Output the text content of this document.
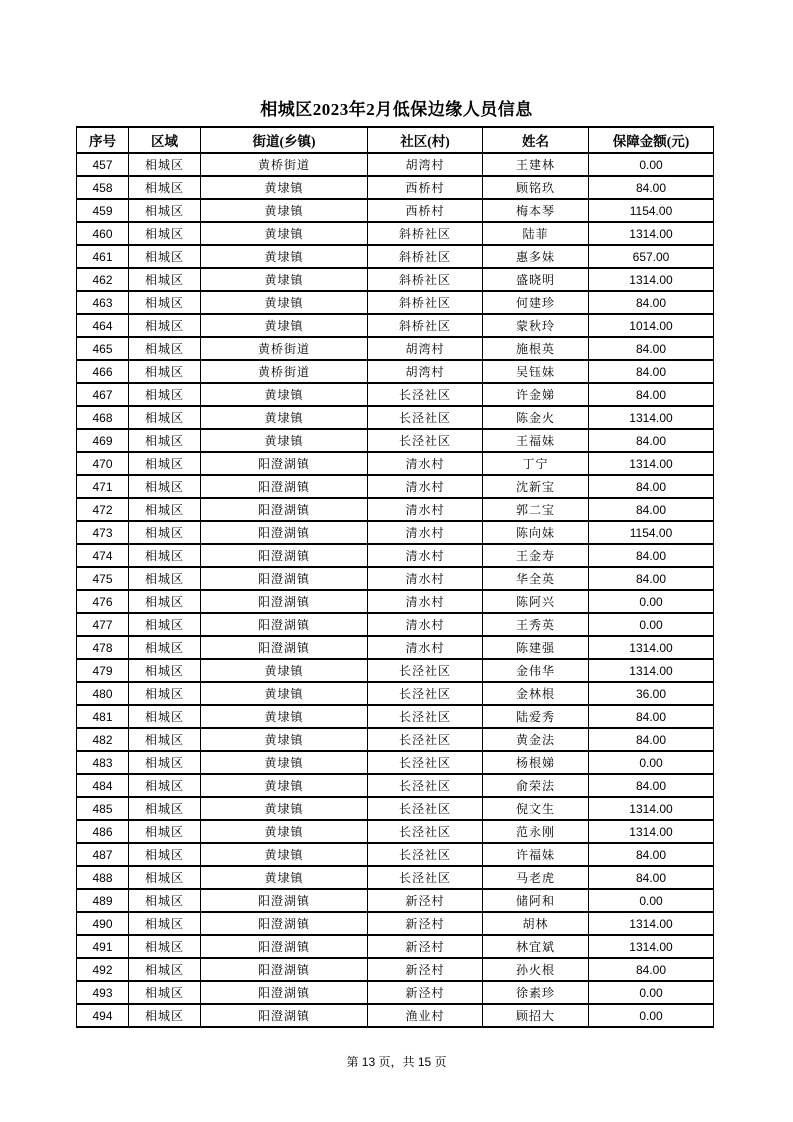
相城区2023年2月低保边缘人员信息
序号	区域	街道(乡镇)	社区(村)	姓名	保障金额(元)
457	相城区	黄桥街道	胡湾村	王建林	0.00
458	相城区	黄埭镇	西桥村	顾铭玖	84.00
459	相城区	黄埭镇	西桥村	梅本琴	1154.00
460	相城区	黄埭镇	斜桥社区	陆菲	1314.00
461	相城区	黄埭镇	斜桥社区	惠多妹	657.00
462	相城区	黄埭镇	斜桥社区	盛晓明	1314.00
463	相城区	黄埭镇	斜桥社区	何建珍	84.00
464	相城区	黄埭镇	斜桥社区	蒙秋玲	1014.00
465	相城区	黄桥街道	胡湾村	施根英	84.00
466	相城区	黄桥街道	胡湾村	吴钰妹	84.00
467	相城区	黄埭镇	长泾社区	许金娣	84.00
468	相城区	黄埭镇	长泾社区	陈金火	1314.00
469	相城区	黄埭镇	长泾社区	王福妹	84.00
470	相城区	阳澄湖镇	清水村	丁宁	1314.00
471	相城区	阳澄湖镇	清水村	沈新宝	84.00
472	相城区	阳澄湖镇	清水村	郭二宝	84.00
473	相城区	阳澄湖镇	清水村	陈向妹	1154.00
474	相城区	阳澄湖镇	清水村	王金寿	84.00
475	相城区	阳澄湖镇	清水村	华全英	84.00
476	相城区	阳澄湖镇	清水村	陈阿兴	0.00
477	相城区	阳澄湖镇	清水村	王秀英	0.00
478	相城区	阳澄湖镇	清水村	陈建强	1314.00
479	相城区	黄埭镇	长泾社区	金伟华	1314.00
480	相城区	黄埭镇	长泾社区	金林根	36.00
481	相城区	黄埭镇	长泾社区	陆爱秀	84.00
482	相城区	黄埭镇	长泾社区	黄金法	84.00
483	相城区	黄埭镇	长泾社区	杨根娣	0.00
484	相城区	黄埭镇	长泾社区	俞荣法	84.00
485	相城区	黄埭镇	长泾社区	倪文生	1314.00
486	相城区	黄埭镇	长泾社区	范永刚	1314.00
487	相城区	黄埭镇	长泾社区	许福妹	84.00
488	相城区	黄埭镇	长泾社区	马老虎	84.00
489	相城区	阳澄湖镇	新泾村	储阿和	0.00
490	相城区	阳澄湖镇	新泾村	胡林	1314.00
491	相城区	阳澄湖镇	新泾村	林宜斌	1314.00
492	相城区	阳澄湖镇	新泾村	孙火根	84.00
493	相城区	阳澄湖镇	新泾村	徐素珍	0.00
494	相城区	阳澄湖镇	渔业村	顾招大	0.00
第 13 页，共 15 页
